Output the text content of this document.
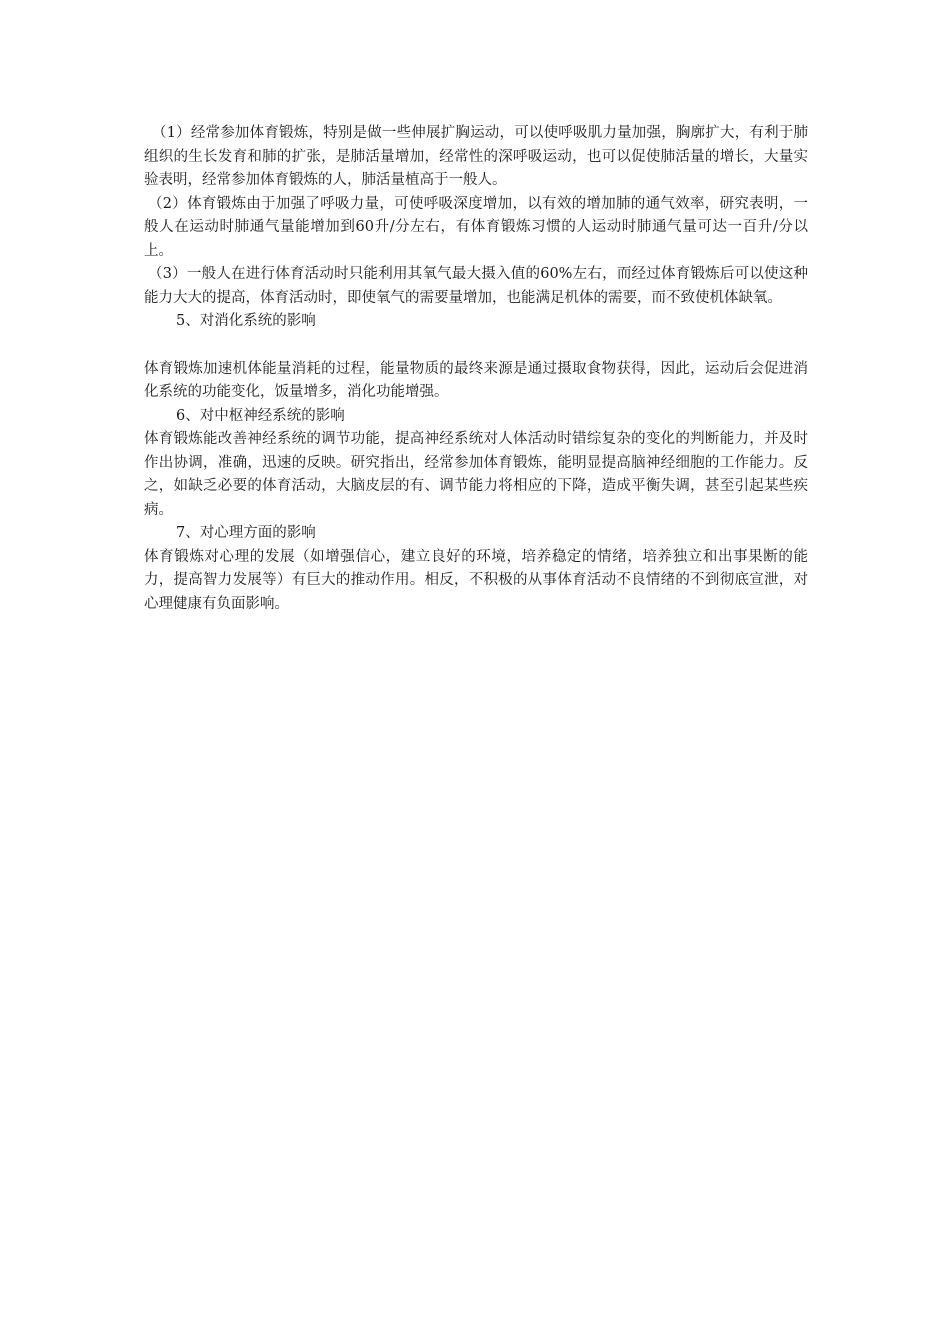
（1）经常参加体育锻炼，特别是做一些伸展扩胸运动，可以使呼吸肌力量加强，胸廓扩大，有利于肺组织的生长发育和肺的扩张，是肺活量增加，经常性的深呼吸运动，也可以促使肺活量的增长，大量实验表明，经常参加体育锻炼的人，肺活量植高于一般人。

（2）体育锻炼由于加强了呼吸力量，可使呼吸深度增加，以有效的增加肺的通气效率，研究表明，一般人在运动时肺通气量能增加到60升/分左右，有体育锻炼习惯的人运动时肺通气量可达一百升/分以上。

（3）一般人在进行体育活动时只能利用其氧气最大摄入值的60%左右，而经过体育锻炼后可以使这种能力大大的提高，体育活动时，即使氧气的需要量增加，也能满足机体的需要，而不致使机体缺氧。

5、对消化系统的影响

体育锻炼加速机体能量消耗的过程，能量物质的最终来源是通过摄取食物获得，因此，运动后会促进消化系统的功能变化，饭量增多，消化功能增强。

6、对中枢神经系统的影响

体育锻炼能改善神经系统的调节功能，提高神经系统对人体活动时错综复杂的变化的判断能力，并及时作出协调，准确，迅速的反映。研究指出，经常参加体育锻炼，能明显提高脑神经细胞的工作能力。反之，如缺乏必要的体育活动，大脑皮层的有、调节能力将相应的下降，造成平衡失调，甚至引起某些疾病。

7、对心理方面的影响

体育锻炼对心理的发展（如增强信心，建立良好的环境，培养稳定的情绪，培养独立和出事果断的能力，提高智力发展等）有巨大的推动作用。相反，不积极的从事体育活动不良情绪的不到彻底宣泄，对心理健康有负面影响。
